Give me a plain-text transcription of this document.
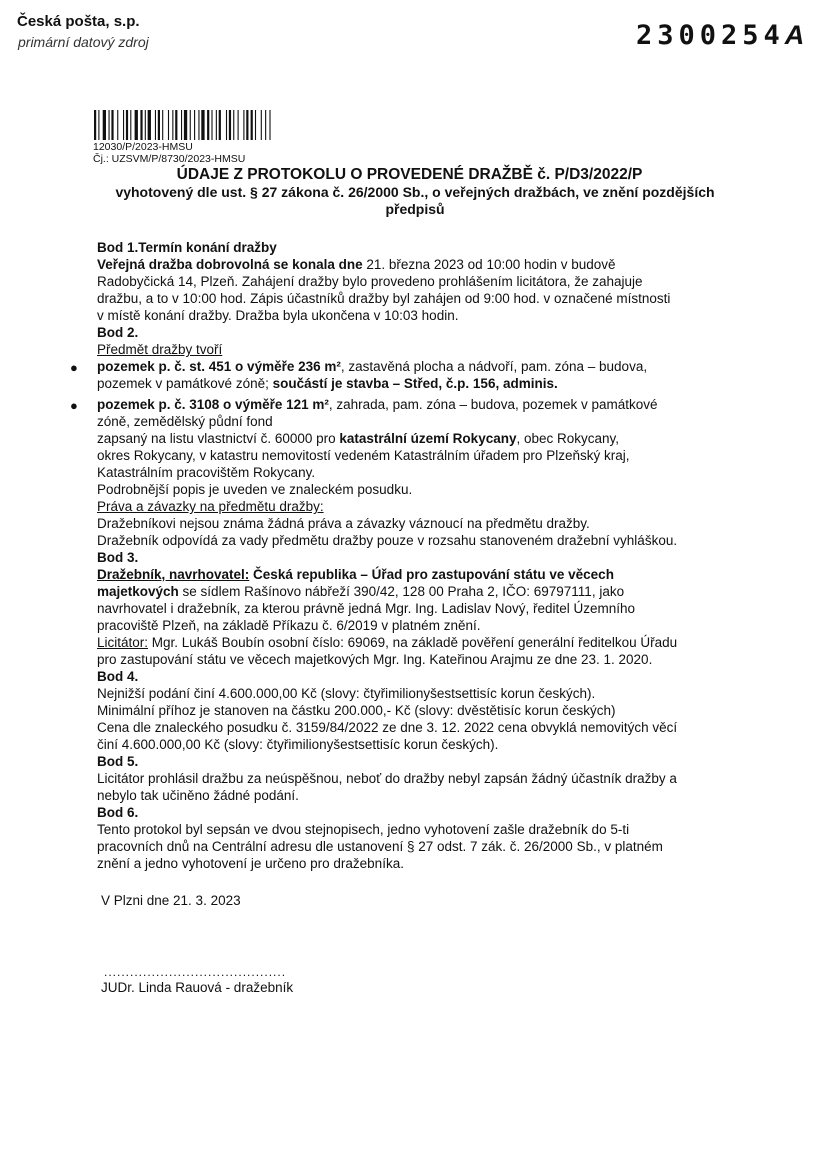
Česká pošta, s.p.
primární datový zdroj	2300254A
12030/P/2023-HMSU
Čj.: UZSVM/P/8730/2023-HMSU
ÚDAJE Z PROTOKOLU O PROVEDENÉ DRAŽBĚ č. P/D3/2022/P
vyhotovený dle ust. § 27 zákona č. 26/2000 Sb., o veřejných dražbách, ve znění pozdějších předpisů
Bod 1.Termín konání dražby
Veřejná dražba dobrovolná se konala dne 21. března 2023 od 10:00 hodin v budově
Radobyčická 14, Plzeň. Zahájení dražby bylo provedeno prohlášením licitátora, že zahajuje
dražbu, a to v 10:00 hod. Zápis účastníků dražby byl zahájen od 9:00 hod. v označené místnosti
v místě konání dražby. Dražba byla ukončena v 10:03 hodin.
Bod 2.
Předmět dražby tvoří
● pozemek p. č. st. 451 o výměře 236 m², zastavěná plocha a nádvoří, pam. zóna – budova,
pozemek v památkové zóně; součástí je stavba – Střed, č.p. 156, adminis.
● pozemek p. č. 3108 o výměře 121 m², zahrada, pam. zóna – budova, pozemek v památkové
zóně, zemědělský půdní fond
zapsaný na listu vlastnictví č. 60000 pro katastrální území Rokycany, obec Rokycany,
okres Rokycany, v katastru nemovitostí vedeném Katastrálním úřadem pro Plzeňský kraj,
Katastrálním pracovištěm Rokycany.
Podrobnější popis je uveden ve znaleckém posudku.
Práva a závazky na předmětu dražby:
Dražebníkovi nejsou známa žádná práva a závazky váznoucí na předmětu dražby.
Dražebník odpovídá za vady předmětu dražby pouze v rozsahu stanoveném dražební vyhláškou.
Bod 3.
Dražebník, navrhovatel: Česká republika – Úřad pro zastupování státu ve věcech
majetkových se sídlem Rašínovo nábřeží 390/42, 128 00 Praha 2, IČO: 69797111, jako
navrhovatel i dražebník, za kterou právně jedná Mgr. Ing. Ladislav Nový, ředitel Územního
pracoviště Plzeň, na základě Příkazu č. 6/2019 v platném znění.
Licitátor: Mgr. Lukáš Boubín osobní číslo: 69069, na základě pověření generální ředitelkou Úřadu
pro zastupování státu ve věcech majetkových Mgr. Ing. Kateřinou Arajmu ze dne 23. 1. 2020.
Bod 4.
Nejnižší podání činí 4.600.000,00 Kč (slovy: čtyřimilionyšestsettisíc korun českých).
Minimální příhoz je stanoven na částku 200.000,- Kč (slovy: dvěstětisíc korun českých)
Cena dle znaleckého posudku č. 3159/84/2022 ze dne 3. 12. 2022 cena obvyklá nemovitých věcí
činí 4.600.000,00 Kč (slovy: čtyřimilionyšestsettisíc korun českých).
Bod 5.
Licitátor prohlásil dražbu za neúspěšnou, neboť do dražby nebyl zapsán žádný účastník dražby a
nebylo tak učiněno žádné podání.
Bod 6.
Tento protokol byl sepsán ve dvou stejnopisech, jedno vyhotovení zašle dražebník do 5-ti
pracovních dnů na Centrální adresu dle ustanovení § 27 odst. 7 zák. č. 26/2000 Sb., v platném
znění a jedno vyhotovení je určeno pro dražebníka.
V Plzni dne 21. 3. 2023
..........................................
JUDr. Linda Rauová - dražebník
